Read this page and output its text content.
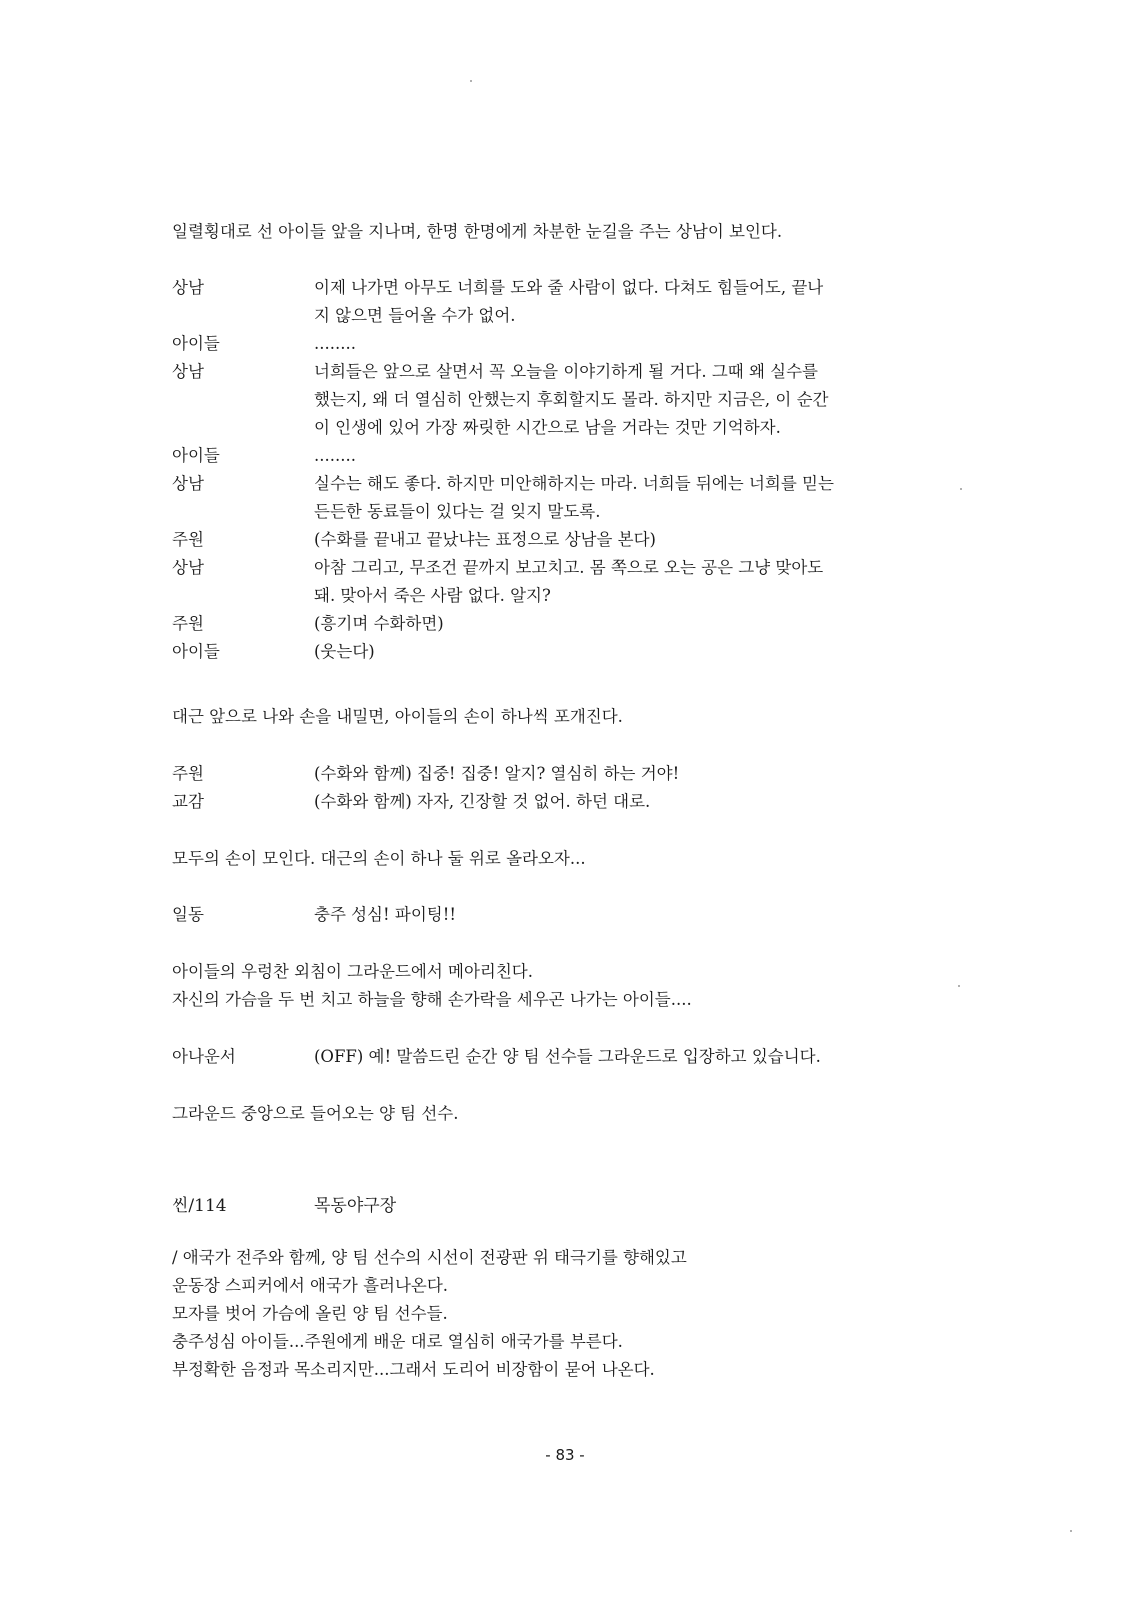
일렬횡대로 선 아이들 앞을 지나며, 한명 한명에게 차분한 눈길을 주는 상남이 보인다.
상남	이제 나가면 아무도 너희를 도와 줄 사람이 없다. 다쳐도 힘들어도, 끝나
지 않으면 들어올 수가 없어.
아이들	........
상남	너희들은 앞으로 살면서 꼭 오늘을 이야기하게 될 거다. 그때 왜 실수를
했는지, 왜 더 열심히 안했는지 후회할지도 몰라. 하지만 지금은, 이 순간
이 인생에 있어 가장 짜릿한 시간으로 남을 거라는 것만 기억하자.
아이들	........
상남	실수는 해도 좋다. 하지만 미안해하지는 마라. 너희들 뒤에는 너희를 믿는
든든한 동료들이 있다는 걸 잊지 말도록.
주원	(수화를 끝내고 끝났냐는 표정으로 상남을 본다)
상남	아참 그리고, 무조건 끝까지 보고치고. 몸 쪽으로 오는 공은 그냥 맞아도
돼. 맞아서 죽은 사람 없다. 알지?
주원	(흥기며 수화하면)
아이들	(웃는다)
대근 앞으로 나와 손을 내밀면, 아이들의 손이 하나씩 포개진다.
주원	(수화와 함께) 집중! 집중! 알지? 열심히 하는 거야!
교감	(수화와 함께) 자자, 긴장할 것 없어. 하던 대로.
모두의 손이 모인다. 대근의 손이 하나 둘 위로 올라오자...
일동	충주 성심! 파이팅!!
아이들의 우렁찬 외침이 그라운드에서 메아리친다.
자신의 가슴을 두 번 치고 하늘을 향해 손가락을 세우곤 나가는 아이들....
아나운서	(OFF) 예! 말씀드린 순간 양 팀 선수들 그라운드로 입장하고 있습니다.
그라운드 중앙으로 들어오는 양 팀 선수.
씬/114	목동야구장
/ 애국가 전주와 함께, 양 팀 선수의 시선이 전광판 위 태극기를 향해있고
운동장 스피커에서 애국가 흘러나온다.
모자를 벗어 가슴에 올린 양 팀 선수들.
충주성심 아이들...주원에게 배운 대로 열심히 애국가를 부른다.
부정확한 음정과 목소리지만...그래서 도리어 비장함이 묻어 나온다.
- 83 -
